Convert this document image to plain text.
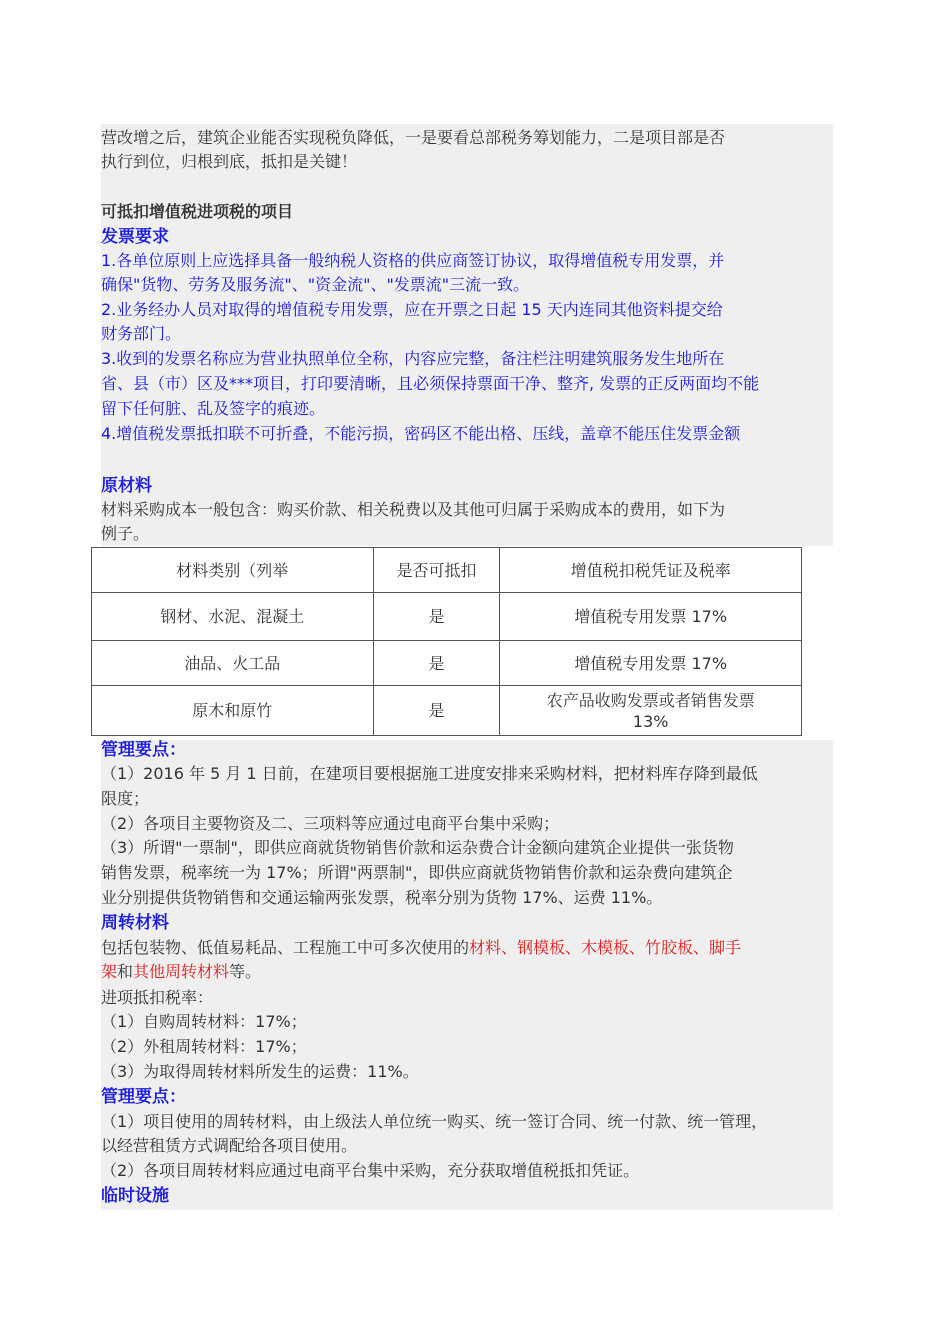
营改增之后，建筑企业能否实现税负降低，一是要看总部税务筹划能力，二是项目部是否
执行到位，归根到底，抵扣是关键！
可抵扣增值税进项税的项目
发票要求
1.各单位原则上应选择具备一般纳税人资格的供应商签订协议，取得增值税专用发票，并
确保"货物、劳务及服务流"、"资金流"、"发票流"三流一致。
2.业务经办人员对取得的增值税专用发票，应在开票之日起 15 天内连同其他资料提交给
财务部门。
3.收到的发票名称应为营业执照单位全称，内容应完整，备注栏注明建筑服务发生地所在
省、县（市）区及***项目，打印要清晰，且必须保持票面干净、整齐, 发票的正反两面均不能
留下任何脏、乱及签字的痕迹。
4.增值税发票抵扣联不可折叠，不能污损，密码区不能出格、压线，盖章不能压住发票金额
原材料
材料采购成本一般包含：购买价款、相关税费以及其他可归属于采购成本的费用，如下为
例子。
材料类别（列举	是否可抵扣	增值税扣税凭证及税率
钢材、水泥、混凝土	是	增值税专用发票 17%
油品、火工品	是	增值税专用发票 17%
原木和原竹	是	农产品收购发票或者销售发票
13%
管理要点：
（1）2016 年 5 月 1 日前，在建项目要根据施工进度安排来采购材料，把材料库存降到最低
限度；
（2）各项目主要物资及二、三项料等应通过电商平台集中采购；
（3）所谓"一票制"，即供应商就货物销售价款和运杂费合计金额向建筑企业提供一张货物
销售发票，税率统一为 17%；所谓"两票制"，即供应商就货物销售价款和运杂费向建筑企
业分别提供货物销售和交通运输两张发票，税率分别为货物 17%、运费 11%。
周转材料
包括包装物、低值易耗品、工程施工中可多次使用的材料、钢模板、木模板、竹胶板、脚手
架和其他周转材料等。
进项抵扣税率：
（1）自购周转材料：17%；
（2）外租周转材料：17%；
（3）为取得周转材料所发生的运费：11%。
管理要点：
（1）项目使用的周转材料，由上级法人单位统一购买、统一签订合同、统一付款、统一管理，
以经营租赁方式调配给各项目使用。
（2）各项目周转材料应通过电商平台集中采购，充分获取增值税抵扣凭证。
临时设施
